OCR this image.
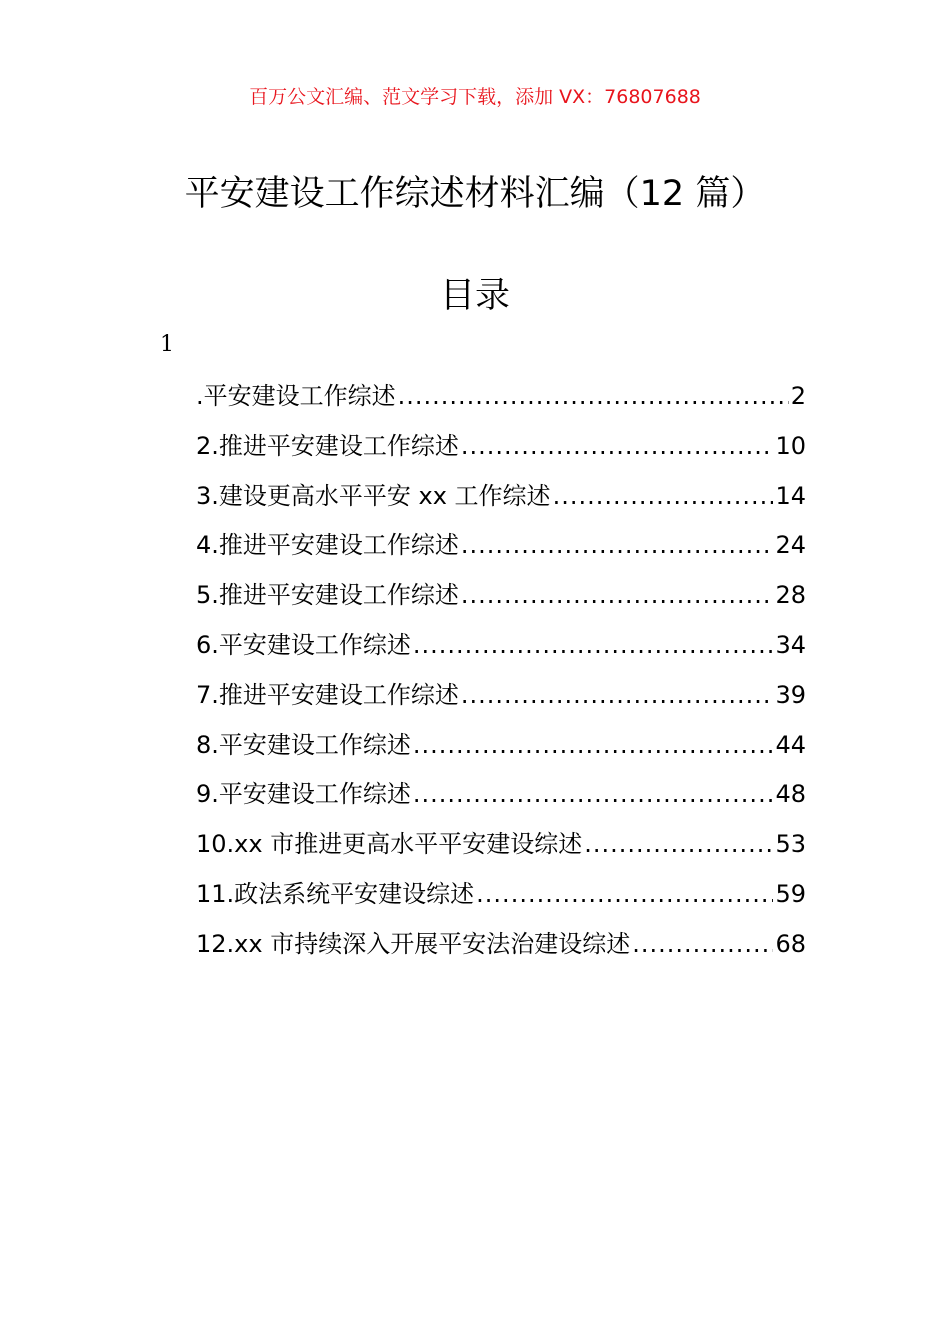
百万公文汇编、范文学习下载，添加 VX：76807688
平安建设工作综述材料汇编（12 篇）
目录
1
.平安建设工作综述 .....	2
2.推进平安建设工作综述 .....	10
3.建设更高水平平安 xx 工作综述 .....	14
4.推进平安建设工作综述 .....	24
5.推进平安建设工作综述 .....	28
6.平安建设工作综述 .....	34
7.推进平安建设工作综述 .....	39
8.平安建设工作综述 .....	44
9.平安建设工作综述 .....	48
10.xx 市推进更高水平平安建设综述 .....	53
11.政法系统平安建设综述 .....	59
12.xx 市持续深入开展平安法治建设综述 .....	68
